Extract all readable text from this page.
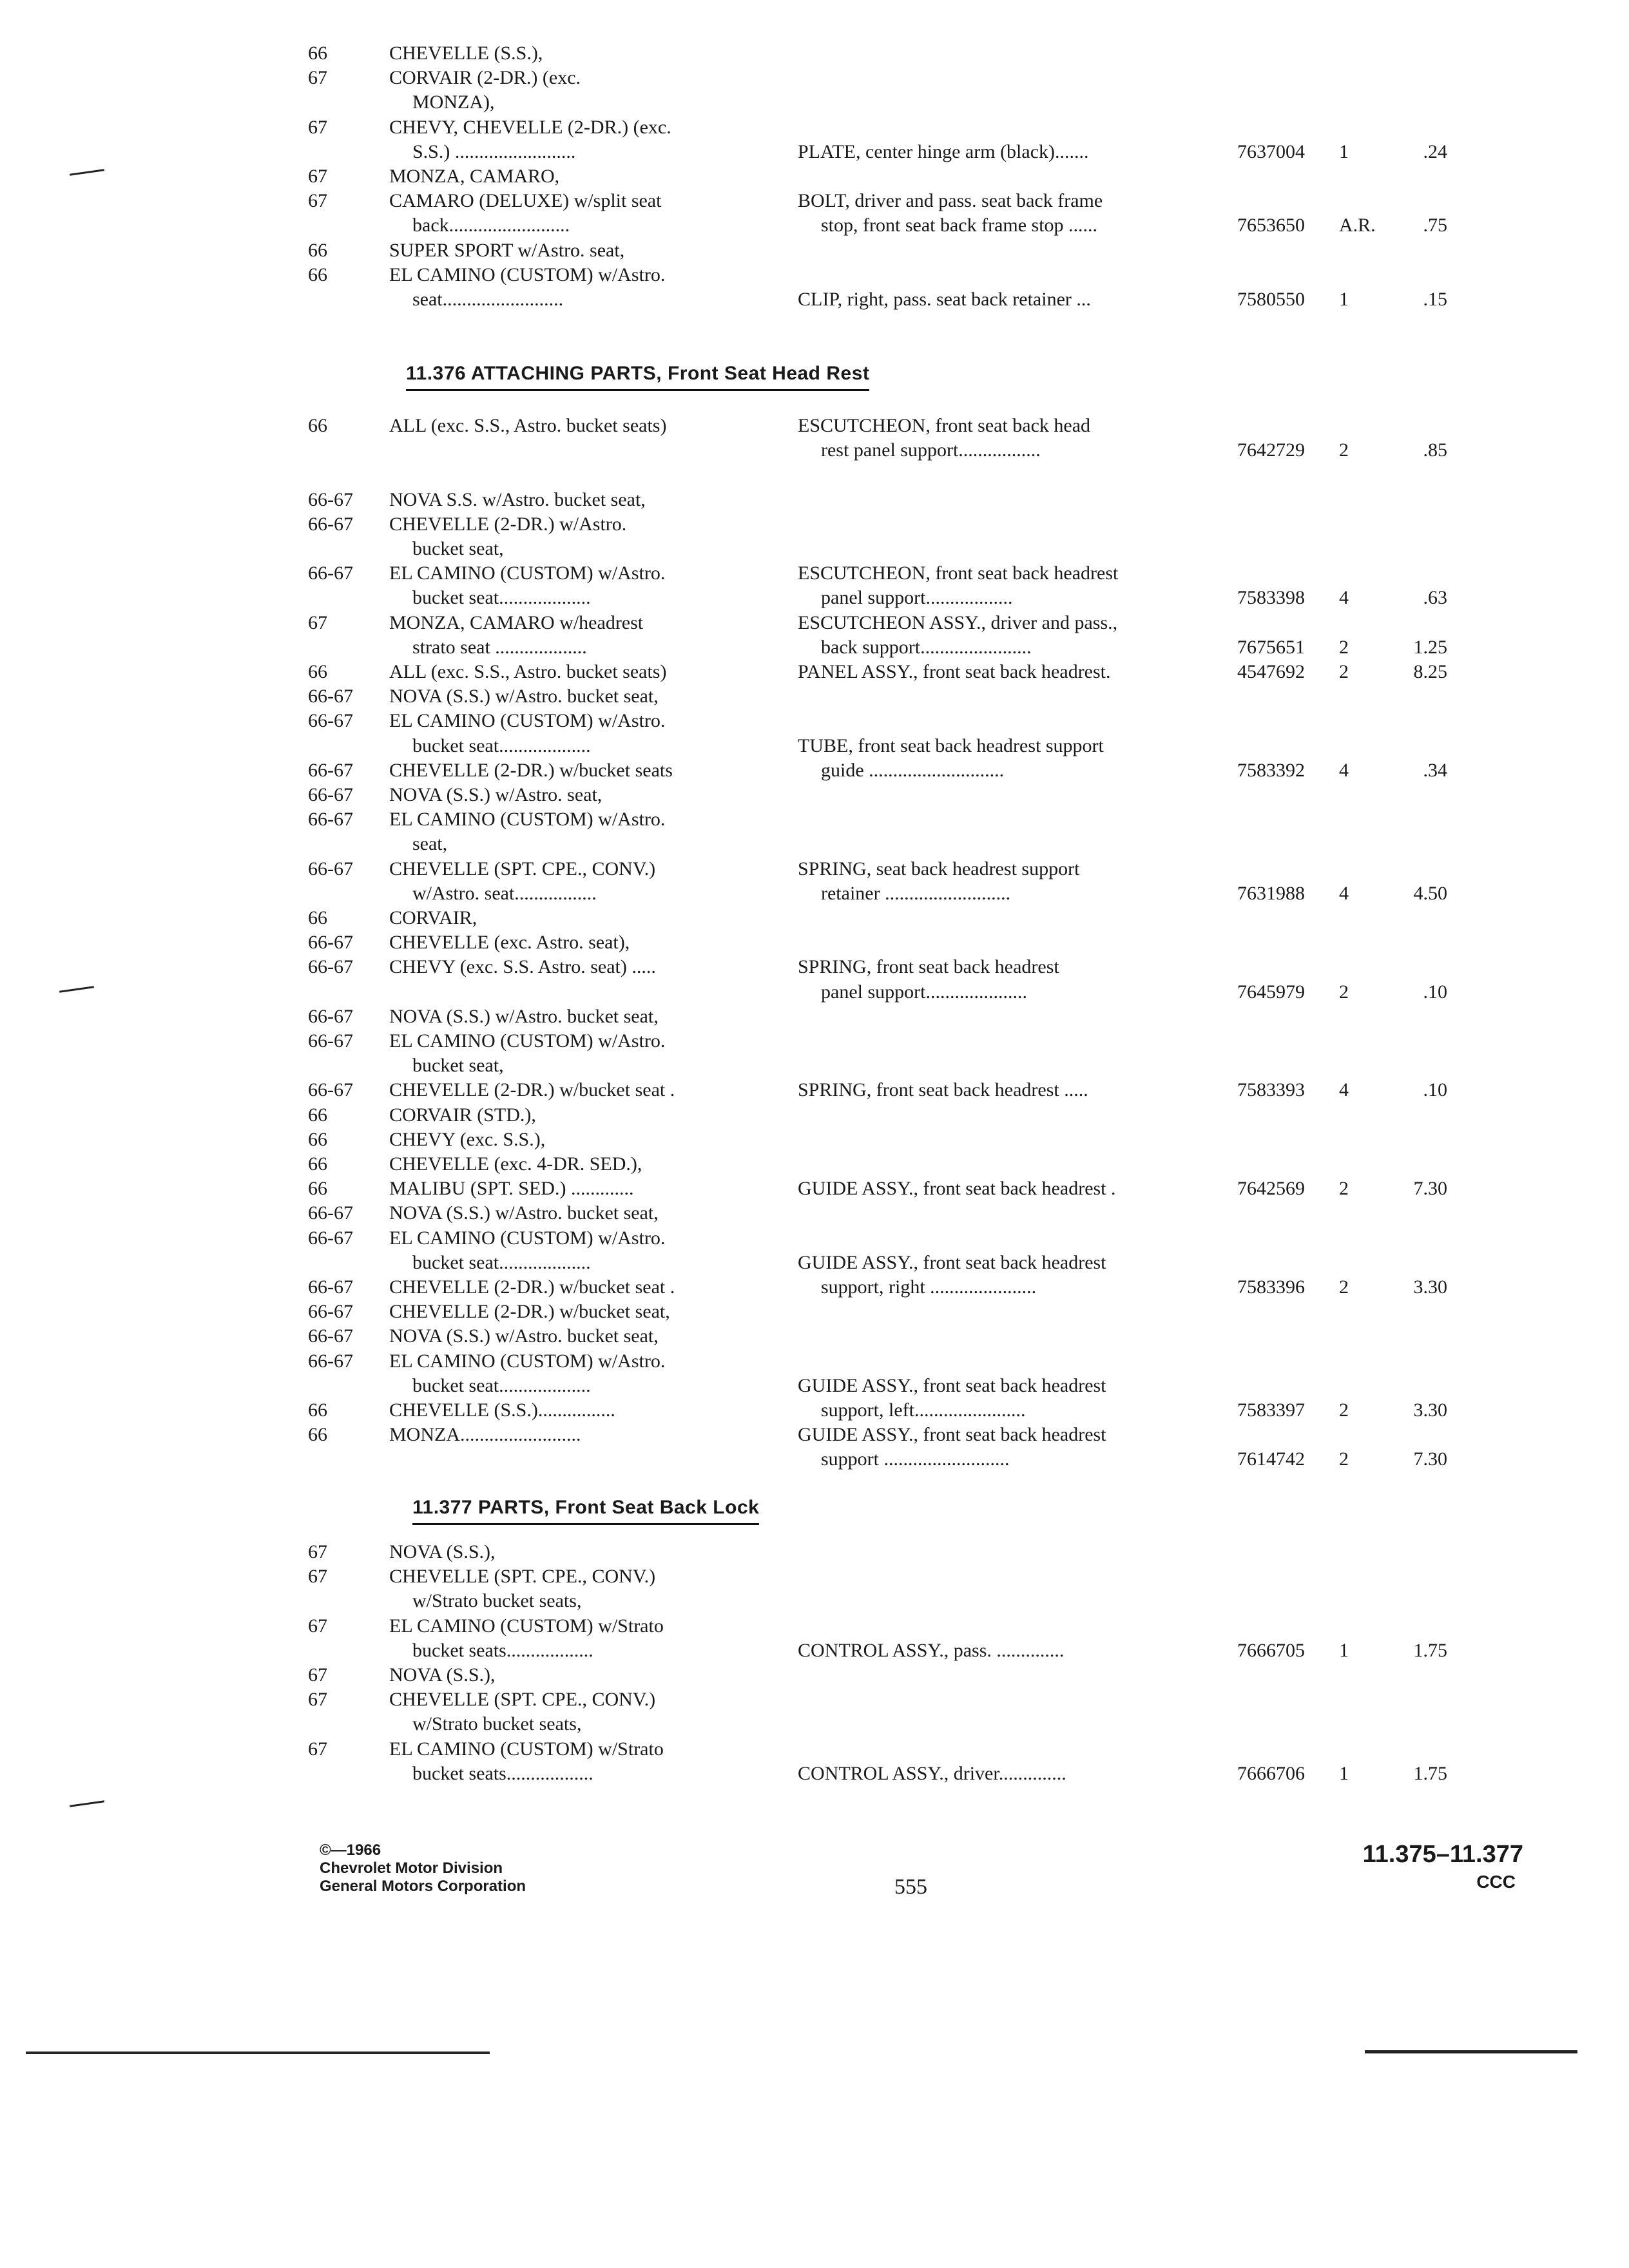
66	CHEVELLE (S.S.),
67	CORVAIR (2-DR.) (exc.
MONZA),
67	CHEVY, CHEVELLE (2-DR.) (exc.
S.S.) .........................	PLATE, center hinge arm (black).......	7637004 1	.24
67	MONZA, CAMARO,
67	CAMARO (DELUXE) w/split seat	BOLT, driver and pass. seat back frame
back.........................	stop, front seat back frame stop ......	7653650 A.R.	.75
66	SUPER SPORT w/Astro. seat,
66	EL CAMINO (CUSTOM) w/Astro.
seat.........................	CLIP, right, pass. seat back retainer ...	7580550 1	.15
11.376 ATTACHING PARTS, Front Seat Head Rest
66	ALL (exc. S.S., Astro. bucket seats)	ESCUTCHEON, front seat back head
rest panel support.................	7642729 2	.85
66-67 NOVA S.S. w/Astro. bucket seat,
66-67 CHEVELLE (2-DR.) w/Astro.
bucket seat,
66-67 EL CAMINO (CUSTOM) w/Astro.	ESCUTCHEON, front seat back headrest
bucket seat...................	panel support..................	7583398 4	.63
67	MONZA, CAMARO w/headrest	ESCUTCHEON ASSY., driver and pass.,
strato seat ...................	back support.......................	7675651 2	1.25
66	ALL (exc. S.S., Astro. bucket seats)	PANEL ASSY., front seat back headrest.	4547692 2	8.25
66-67 NOVA (S.S.) w/Astro. bucket seat,
66-67 EL CAMINO (CUSTOM) w/Astro.
bucket seat...................	TUBE, front seat back headrest support
66-67 CHEVELLE (2-DR.) w/bucket seats	guide ............................	7583392 4	.34
66-67 NOVA (S.S.) w/Astro. seat,
66-67 EL CAMINO (CUSTOM) w/Astro.
seat,
66-67 CHEVELLE (SPT. CPE., CONV.)	SPRING, seat back headrest support
w/Astro. seat.................	retainer ..........................	7631988 4	4.50
66	CORVAIR,
66-67 CHEVELLE (exc. Astro. seat),
66-67 CHEVY (exc. S.S. Astro. seat) .....	SPRING, front seat back headrest
panel support.....................	7645979 2	.10
66-67 NOVA (S.S.) w/Astro. bucket seat,
66-67 EL CAMINO (CUSTOM) w/Astro.
bucket seat,
66-67 CHEVELLE (2-DR.) w/bucket seat .	SPRING, front seat back headrest .....	7583393 4	.10
66	CORVAIR (STD.),
66	CHEVY (exc. S.S.),
66	CHEVELLE (exc. 4-DR. SED.),
66	MALIBU (SPT. SED.) .............	GUIDE ASSY., front seat back headrest .	7642569 2	7.30
66-67 NOVA (S.S.) w/Astro. bucket seat,
66-67 EL CAMINO (CUSTOM) w/Astro.
bucket seat...................	GUIDE ASSY., front seat back headrest
66-67 CHEVELLE (2-DR.) w/bucket seat .	support, right ......................	7583396 2	3.30
66-67 CHEVELLE (2-DR.) w/bucket seat,
66-67 NOVA (S.S.) w/Astro. bucket seat,
66-67 EL CAMINO (CUSTOM) w/Astro.
bucket seat...................	GUIDE ASSY., front seat back headrest
66	CHEVELLE (S.S.)................	support, left.......................	7583397 2	3.30
66	MONZA.........................	GUIDE ASSY., front seat back headrest
support ..........................	7614742 2	7.30
11.377 PARTS, Front Seat Back Lock
67	NOVA (S.S.),
67	CHEVELLE (SPT. CPE., CONV.)
w/Strato bucket seats,
67	EL CAMINO (CUSTOM) w/Strato
bucket seats..................	CONTROL ASSY., pass. ..............	7666705 1	1.75
67	NOVA (S.S.),
67	CHEVELLE (SPT. CPE., CONV.)
w/Strato bucket seats,
67	EL CAMINO (CUSTOM) w/Strato
bucket seats..................	CONTROL ASSY., driver..............	7666706 1	1.75
©—1966
Chevrolet Motor Division
General Motors Corporation	555
11.375–11.377
CCC
